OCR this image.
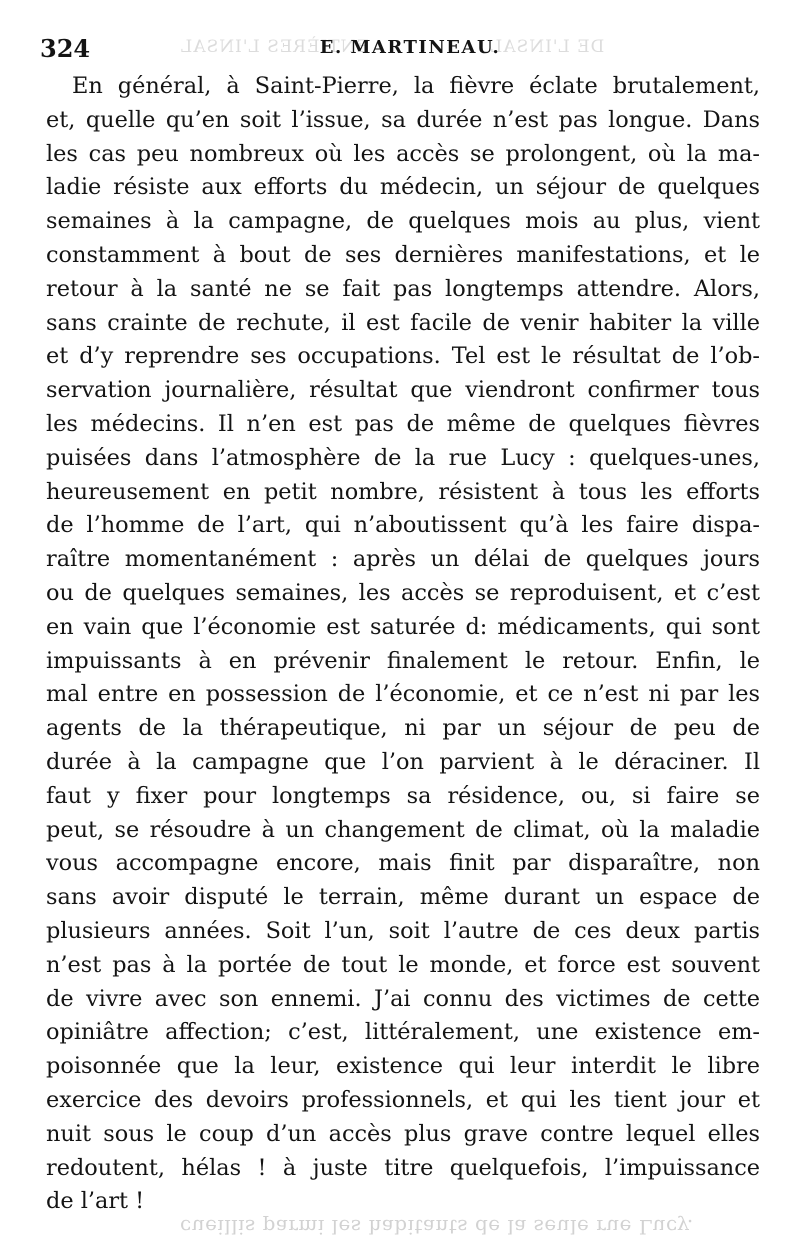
ENTIÈRES L'INSAL	DE L'INSAL
324	E. MARTINEAU.
En général, à Saint-Pierre, la fièvre éclate brutalement,
et, quelle qu’en soit l’issue, sa durée n’est pas longue. Dans
les cas peu nombreux où les accès se prolongent, où la ma-
ladie résiste aux efforts du médecin, un séjour de quelques
semaines à la campagne, de quelques mois au plus, vient
constamment à bout de ses dernières manifestations, et le
retour à la santé ne se fait pas longtemps attendre. Alors,
sans crainte de rechute, il est facile de venir habiter la ville
et d’y reprendre ses occupations. Tel est le résultat de l’ob-
servation journalière, résultat que viendront confirmer tous
les médecins. Il n’en est pas de même de quelques fièvres
puisées dans l’atmosphère de la rue Lucy : quelques-unes,
heureusement en petit nombre, résistent à tous les efforts
de l’homme de l’art, qui n’aboutissent qu’à les faire dispa-
raître momentanément : après un délai de quelques jours
ou de quelques semaines, les accès se reproduisent, et c’est
en vain que l’économie est saturée d: médicaments, qui sont
impuissants à en prévenir finalement le retour. Enfin, le
mal entre en possession de l’économie, et ce n’est ni par les
agents de la thérapeutique, ni par un séjour de peu de
durée à la campagne que l’on parvient à le déraciner. Il
faut y fixer pour longtemps sa résidence, ou, si faire se
peut, se résoudre à un changement de climat, où la maladie
vous accompagne encore, mais finit par disparaître, non
sans avoir disputé le terrain, même durant un espace de
plusieurs années. Soit l’un, soit l’autre de ces deux partis
n’est pas à la portée de tout le monde, et force est souvent
de vivre avec son ennemi. J’ai connu des victimes de cette
opiniâtre affection; c’est, littéralement, une existence em-
poisonnée que la leur, existence qui leur interdit le libre
exercice des devoirs professionnels, et qui les tient jour et
nuit sous le coup d’un accès plus grave contre lequel elles
redoutent, hélas ! à juste titre quelquefois, l’impuissance
de l’art !
cueillis parmi les habitants de la seule rue Lucy.
